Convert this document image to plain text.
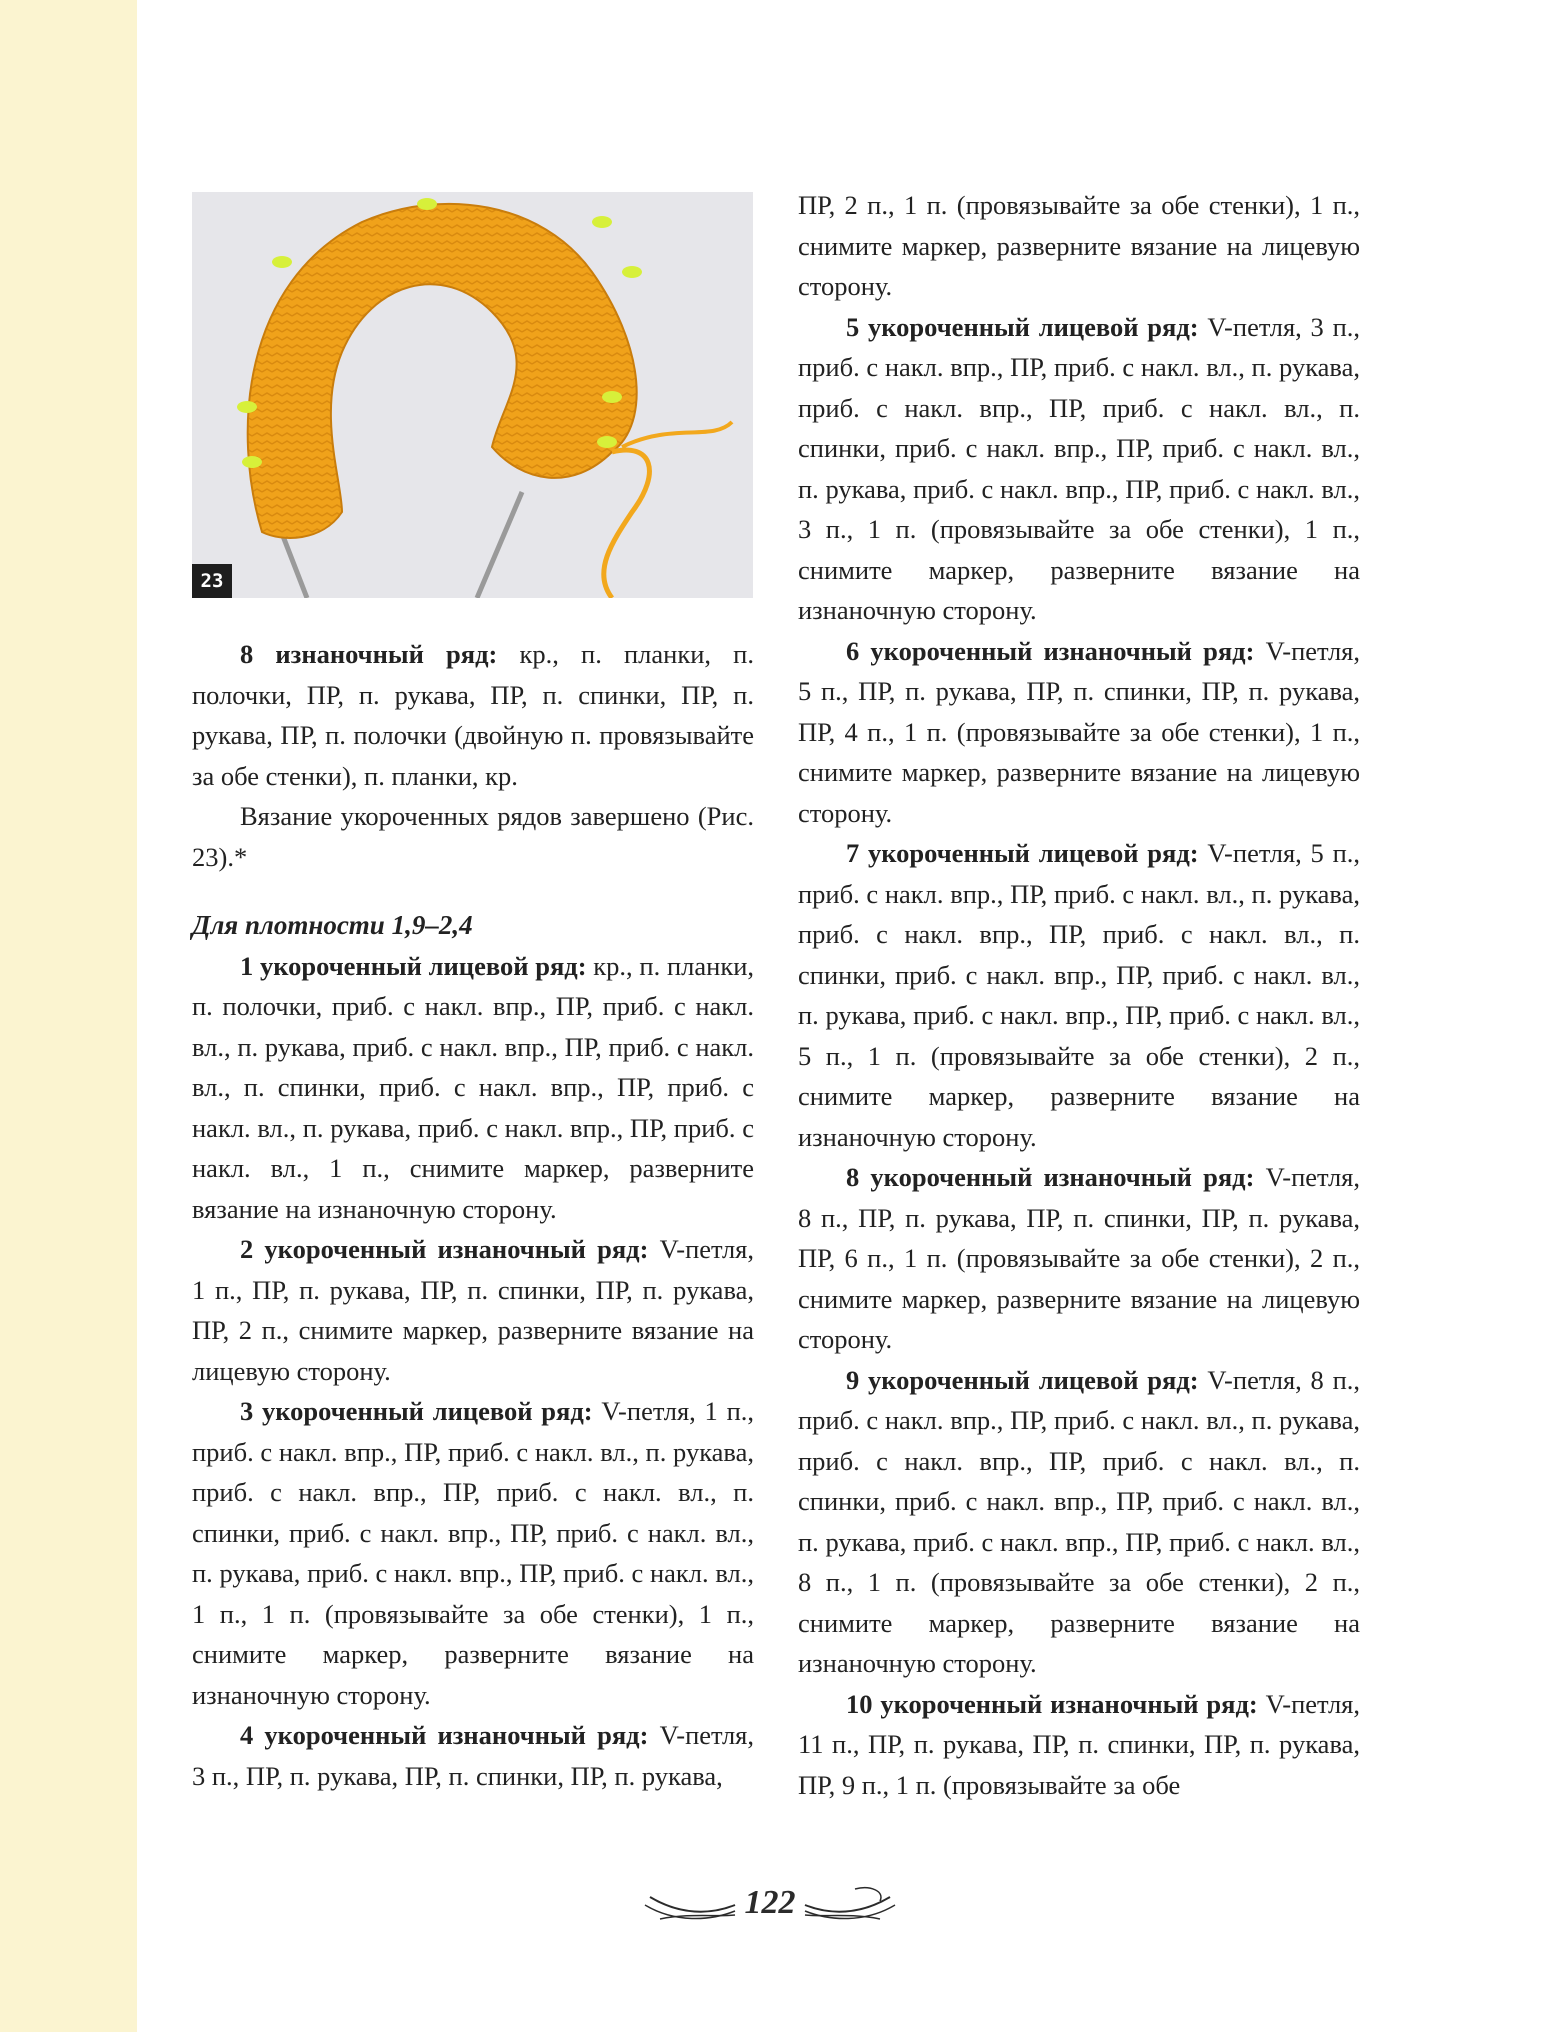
23

8 изнаночный ряд: кр., п. планки, п. полочки, ПР, п. рукава, ПР, п. спинки, ПР, п. рукава, ПР, п. полочки (двойную п. провязывайте за обе стенки), п. планки, кр.

Вязание укороченных рядов завершено (Рис. 23).*

Для плотности 1,9–2,4

1 укороченный лицевой ряд: кр., п. планки, п. полочки, приб. с накл. впр., ПР, приб. с накл. вл., п. рукава, приб. с накл. впр., ПР, приб. с накл. вл., п. спинки, приб. с накл. впр., ПР, приб. с накл. вл., п. рукава, приб. с накл. впр., ПР, приб. с накл. вл., 1 п., снимите маркер, разверните вязание на изнаночную сторону.

2 укороченный изнаночный ряд: V-петля, 1 п., ПР, п. рукава, ПР, п. спинки, ПР, п. рукава, ПР, 2 п., снимите маркер, разверните вязание на лицевую сторону.

3 укороченный лицевой ряд: V-петля, 1 п., приб. с накл. впр., ПР, приб. с накл. вл., п. рукава, приб. с накл. впр., ПР, приб. с накл. вл., п. спинки, приб. с накл. впр., ПР, приб. с накл. вл., п. рукава, приб. с накл. впр., ПР, приб. с накл. вл., 1 п., 1 п. (провязывайте за обе стенки), 1 п., снимите маркер, разверните вязание на изнаночную сторону.

4 укороченный изнаночный ряд: V-петля, 3 п., ПР, п. рукава, ПР, п. спинки, ПР, п. рукава,

ПР, 2 п., 1 п. (провязывайте за обе стенки), 1 п., снимите маркер, разверните вязание на лицевую сторону.

5 укороченный лицевой ряд: V-петля, 3 п., приб. с накл. впр., ПР, приб. с накл. вл., п. рукава, приб. с накл. впр., ПР, приб. с накл. вл., п. спинки, приб. с накл. впр., ПР, приб. с накл. вл., п. рукава, приб. с накл. впр., ПР, приб. с накл. вл., 3 п., 1 п. (провязывайте за обе стенки), 1 п., снимите маркер, разверните вязание на изнаночную сторону.

6 укороченный изнаночный ряд: V-петля, 5 п., ПР, п. рукава, ПР, п. спинки, ПР, п. рукава, ПР, 4 п., 1 п. (провязывайте за обе стенки), 1 п., снимите маркер, разверните вязание на лицевую сторону.

7 укороченный лицевой ряд: V-петля, 5 п., приб. с накл. впр., ПР, приб. с накл. вл., п. рукава, приб. с накл. впр., ПР, приб. с накл. вл., п. спинки, приб. с накл. впр., ПР, приб. с накл. вл., п. рукава, приб. с накл. впр., ПР, приб. с накл. вл., 5 п., 1 п. (провязывайте за обе стенки), 2 п., снимите маркер, разверните вязание на изнаночную сторону.

8 укороченный изнаночный ряд: V-петля, 8 п., ПР, п. рукава, ПР, п. спинки, ПР, п. рукава, ПР, 6 п., 1 п. (провязывайте за обе стенки), 2 п., снимите маркер, разверните вязание на лицевую сторону.

9 укороченный лицевой ряд: V-петля, 8 п., приб. с накл. впр., ПР, приб. с накл. вл., п. рукава, приб. с накл. впр., ПР, приб. с накл. вл., п. спинки, приб. с накл. впр., ПР, приб. с накл. вл., п. рукава, приб. с накл. впр., ПР, приб. с накл. вл., 8 п., 1 п. (провязывайте за обе стенки), 2 п., снимите маркер, разверните вязание на изнаночную сторону.

10 укороченный изнаночный ряд: V-петля, 11 п., ПР, п. рукава, ПР, п. спинки, ПР, п. рукава, ПР, 9 п., 1 п. (провязывайте за обе

122
